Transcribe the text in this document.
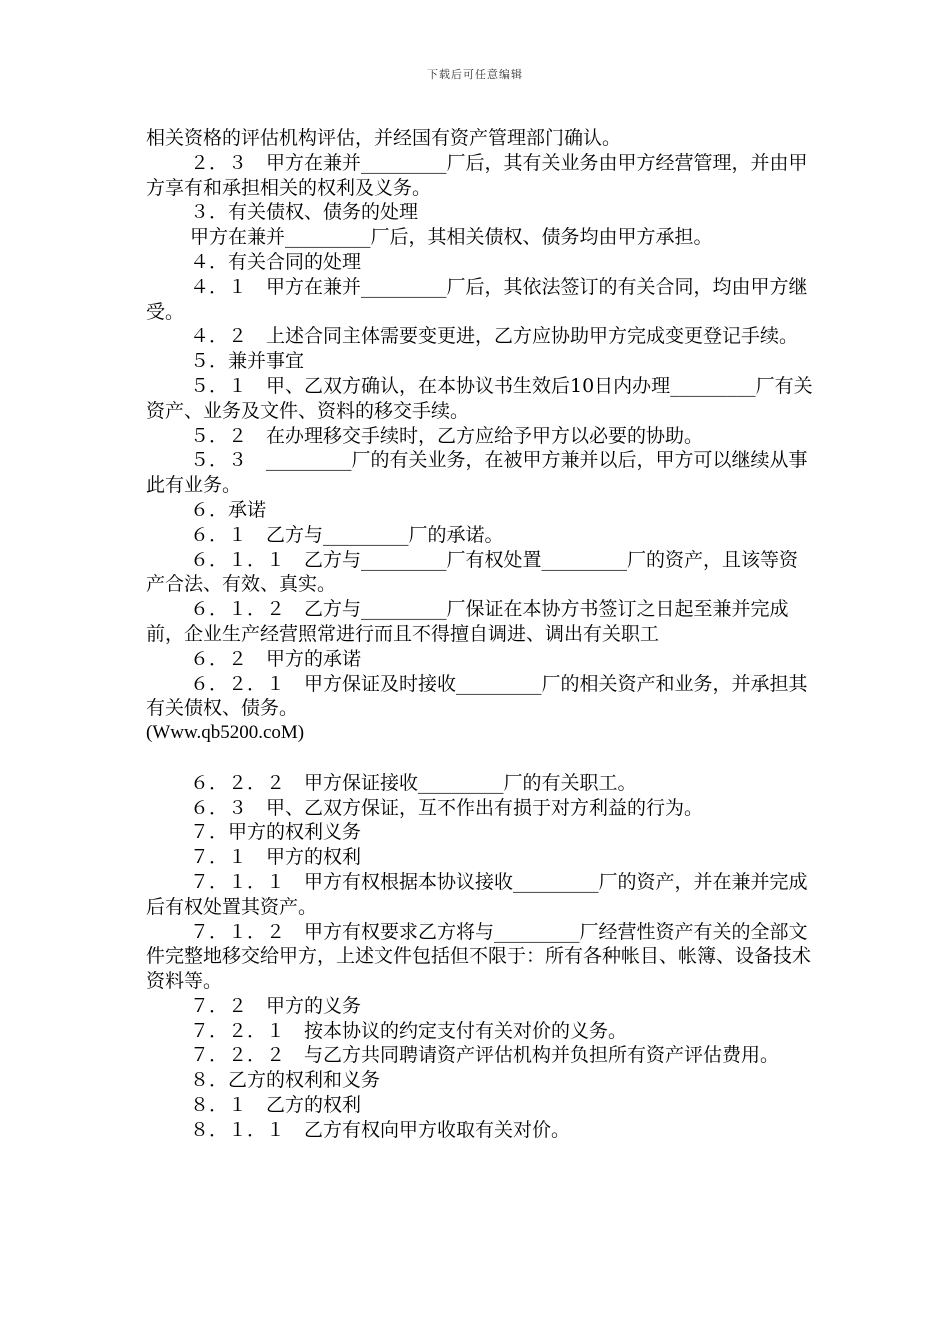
下载后可任意编辑

相关资格的评估机构评估，并经国有资产管理部门确认。

２．３　甲方在兼并_________厂后，其有关业务由甲方经营管理，并由甲方享有和承担相关的权利及义务。

３．有关债权、债务的处理

甲方在兼并_________厂后，其相关债权、债务均由甲方承担。

４．有关合同的处理

４．１　甲方在兼并_________厂后，其依法签订的有关合同，均由甲方继受。

４．２　上述合同主体需要变更进，乙方应协助甲方完成变更登记手续。

５．兼并事宜

５．１　甲、乙双方确认，在本协议书生效后10日内办理_________厂有关资产、业务及文件、资料的移交手续。

５．２　在办理移交手续时，乙方应给予甲方以必要的协助。

５．３　_________厂的有关业务，在被甲方兼并以后，甲方可以继续从事此有业务。

６．承诺

６．１　乙方与_________厂的承诺。

６．１．１　乙方与_________厂有权处置_________厂的资产，且该等资产合法、有效、真实。

６．１．２　乙方与_________厂保证在本协方书签订之日起至兼并完成前，企业生产经营照常进行而且不得擅自调进、调出有关职工

６．２　甲方的承诺

６．２．１　甲方保证及时接收_________厂的相关资产和业务，并承担其有关债权、债务。

(Www.qb5200.coM)

６．２．２　甲方保证接收_________厂的有关职工。

６．３　甲、乙双方保证，互不作出有损于对方利益的行为。

７．甲方的权利义务

７．１　甲方的权利

７．１．１　甲方有权根据本协议接收_________厂的资产，并在兼并完成后有权处置其资产。

７．１．２　甲方有权要求乙方将与_________厂经营性资产有关的全部文件完整地移交给甲方，上述文件包括但不限于：所有各种帐目、帐簿、设备技术资料等。

７．２　甲方的义务

７．２．１　按本协议的约定支付有关对价的义务。

７．２．２　与乙方共同聘请资产评估机构并负担所有资产评估费用。

８．乙方的权利和义务

８．１　乙方的权利

８．１．１　乙方有权向甲方收取有关对价。
